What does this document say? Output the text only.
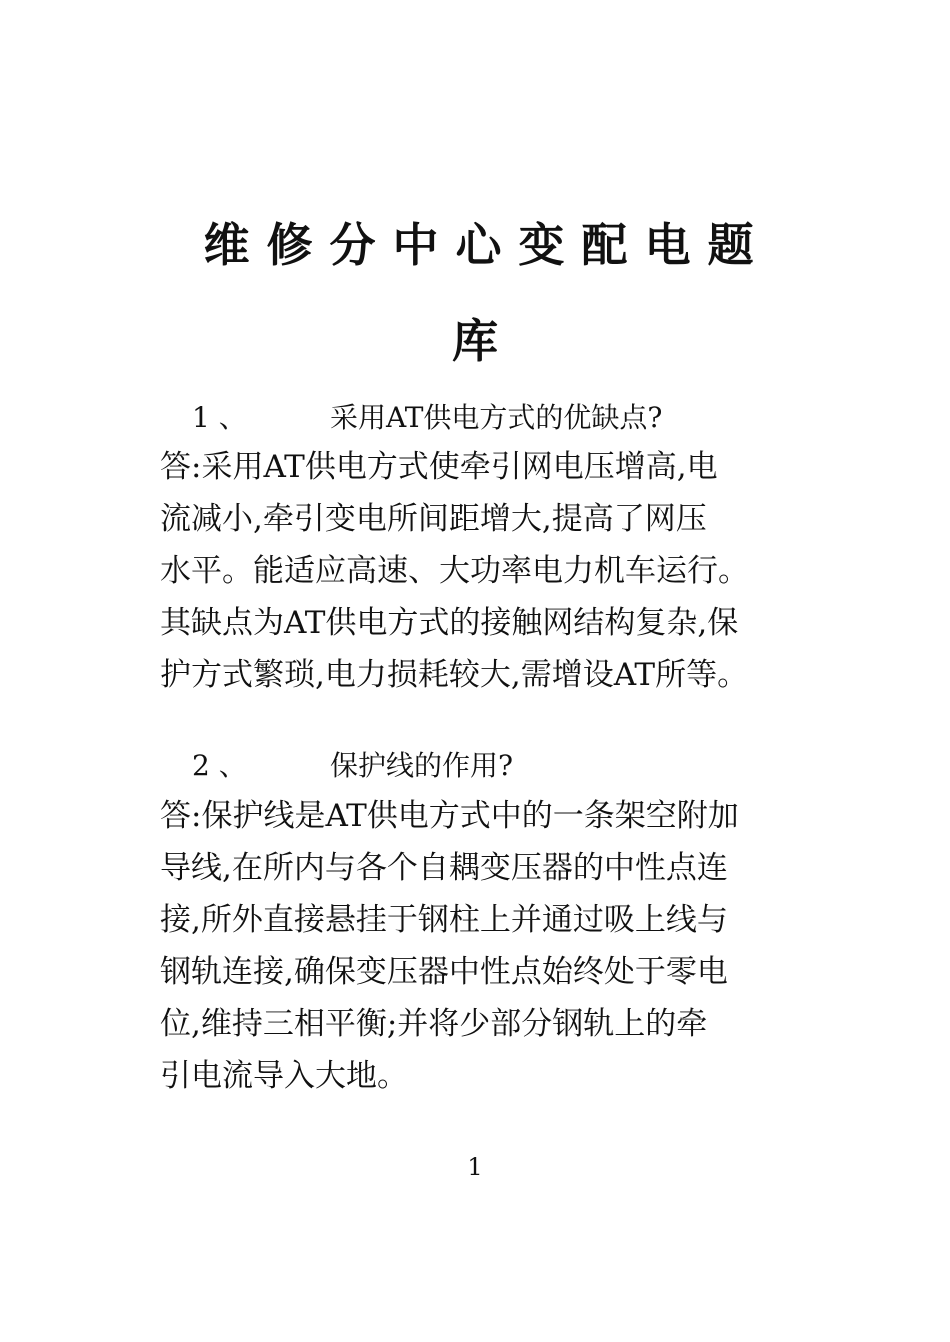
维修分中心变配电题
库
1 、	采用AT供电方式的优缺点?
答:采用AT供电方式使牵引网电压增高,电
流减小,牵引变电所间距增大,提高了网压
水平。能适应高速、大功率电力机车运行。
其缺点为AT供电方式的接触网结构复杂,保
护方式繁琐,电力损耗较大,需增设AT所等。
2 、	保护线的作用?
答:保护线是AT供电方式中的一条架空附加
导线,在所内与各个自耦变压器的中性点连
接,所外直接悬挂于钢柱上并通过吸上线与
钢轨连接,确保变压器中性点始终处于零电
位,维持三相平衡;并将少部分钢轨上的牵
引电流导入大地。
1
